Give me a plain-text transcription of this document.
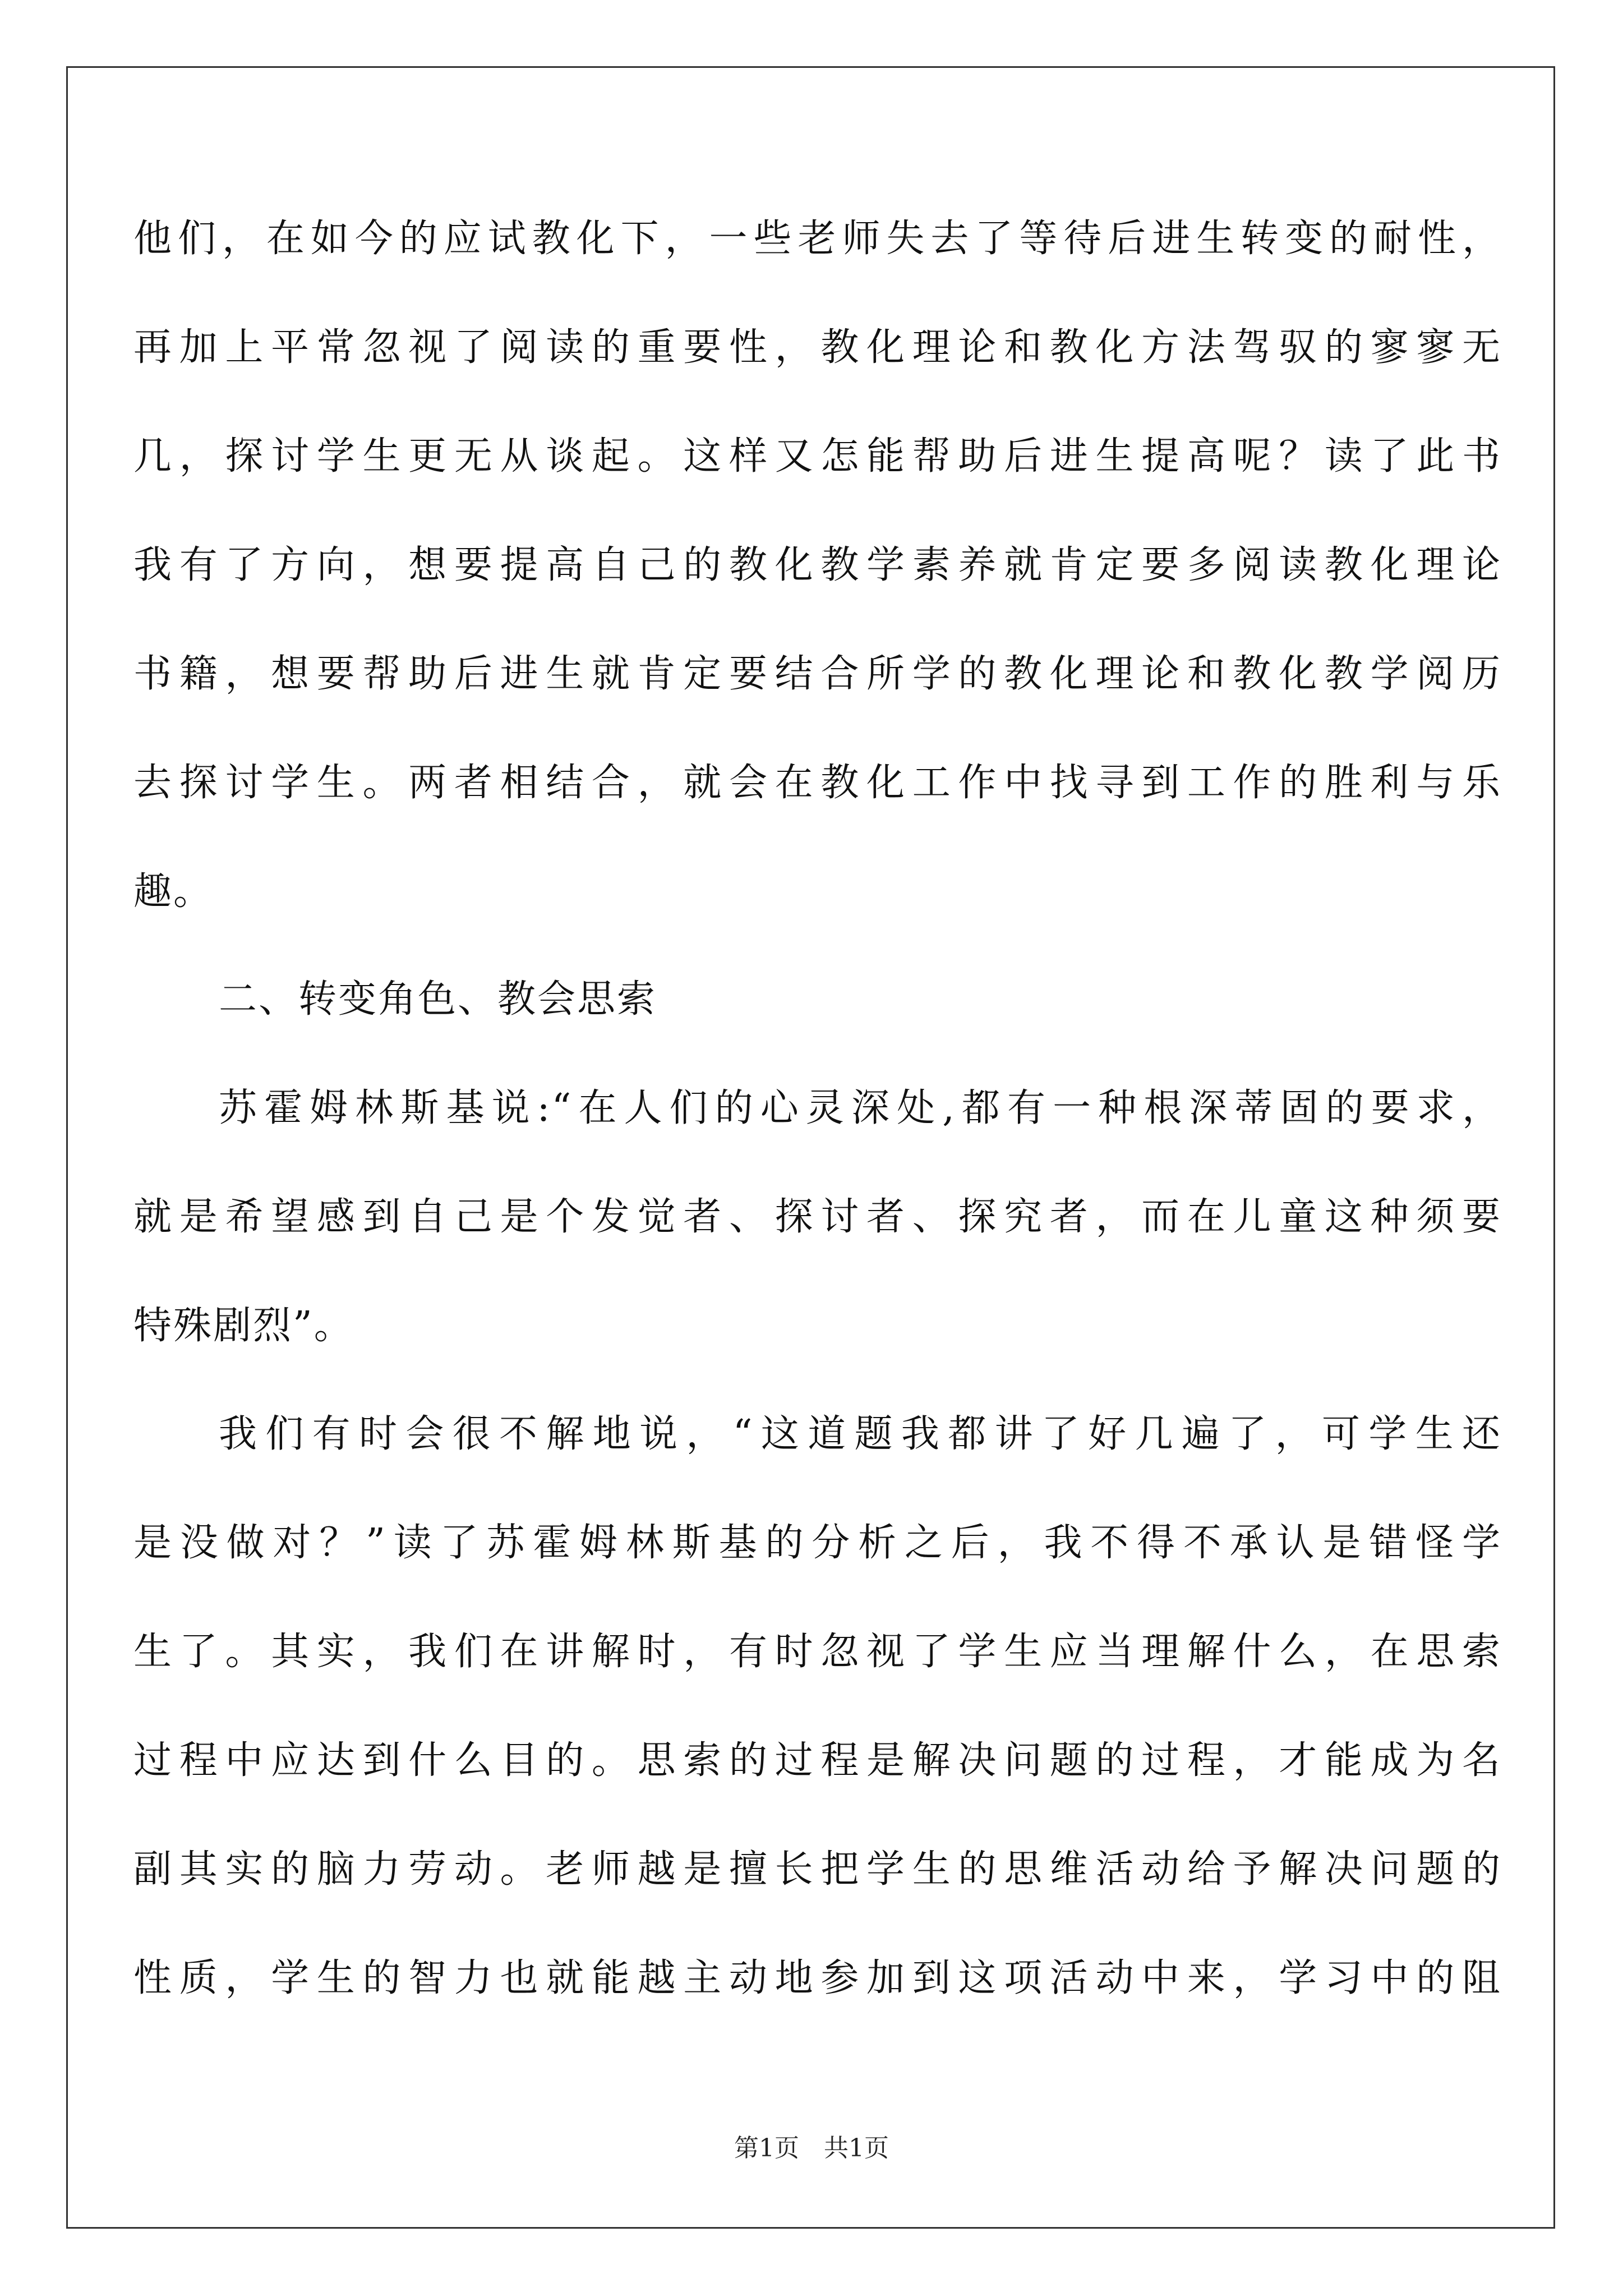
他们，在如今的应试教化下，一些老师失去了等待后进生转变的耐性，
再加上平常忽视了阅读的重要性，教化理论和教化方法驾驭的寥寥无
几，探讨学生更无从谈起。这样又怎能帮助后进生提高呢？读了此书
我有了方向，想要提高自己的教化教学素养就肯定要多阅读教化理论
书籍，想要帮助后进生就肯定要结合所学的教化理论和教化教学阅历
去探讨学生。两者相结合，就会在教化工作中找寻到工作的胜利与乐
趣。
二、转变角色、教会思索
苏霍姆林斯基说:“在人们的心灵深处,都有一种根深蒂固的要求，
就是希望感到自己是个发觉者、探讨者、探究者，而在儿童这种须要
特殊剧烈”。
我们有时会很不解地说，“这道题我都讲了好几遍了，可学生还
是没做对？”读了苏霍姆林斯基的分析之后，我不得不承认是错怪学
生了。其实，我们在讲解时，有时忽视了学生应当理解什么，在思索
过程中应达到什么目的。思索的过程是解决问题的过程，才能成为名
副其实的脑力劳动。老师越是擅长把学生的思维活动给予解决问题的
性质，学生的智力也就能越主动地参加到这项活动中来，学习中的阻
第1页　共1页
